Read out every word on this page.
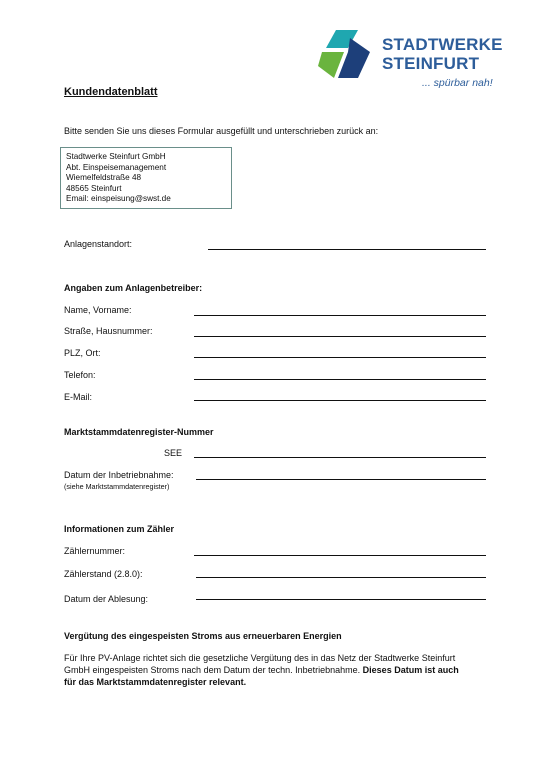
STADTWERKE
STEINFURT
... spürbar nah!
Kundendatenblatt
Bitte senden Sie uns dieses Formular ausgefüllt und unterschrieben zurück an:
Stadtwerke Steinfurt GmbH
Abt. Einspeisemanagement
Wiemelfeldstraße 48
48565 Steinfurt
Email: einspeisung@swst.de
Anlagenstandort:
Angaben zum Anlagenbetreiber:
Name, Vorname:
Straße, Hausnummer:
PLZ, Ort:
Telefon:
E-Mail:
Marktstammdatenregister-Nummer
SEE
Datum der Inbetriebnahme:
(siehe Marktstammdatenregister)
Informationen zum Zähler
Zählernummer:
Zählerstand (2.8.0):
Datum der Ablesung:
Vergütung des eingespeisten Stroms aus erneuerbaren Energien
Für Ihre PV-Anlage richtet sich die gesetzliche Vergütung des in das Netz der Stadtwerke Steinfurt GmbH eingespeisten Stroms nach dem Datum der techn. Inbetriebnahme. Dieses Datum ist auch für das Marktstammdatenregister relevant.
